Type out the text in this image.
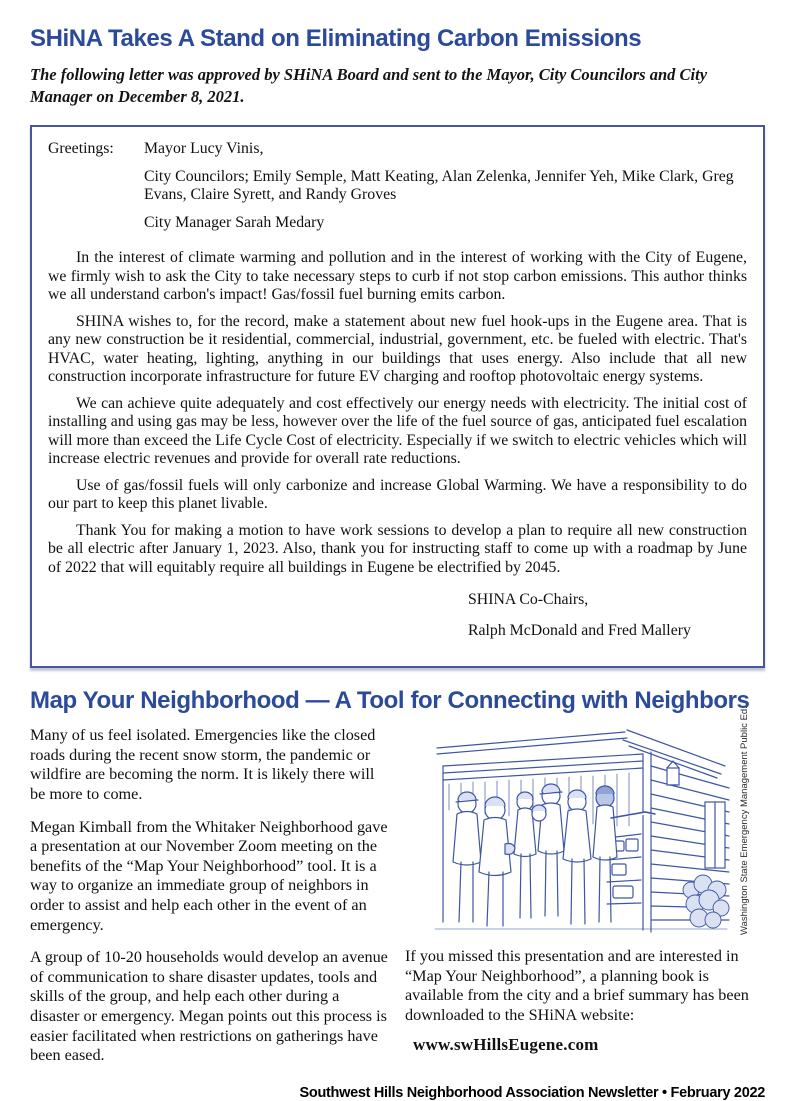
SHiNA Takes A Stand on Eliminating Carbon Emissions

The following letter was approved by SHiNA Board and sent to the Mayor, City Councilors and City Manager on December 8, 2021.

Greetings:	Mayor Lucy Vinis,
City Councilors; Emily Semple, Matt Keating, Alan Zelenka, Jennifer Yeh, Mike Clark, Greg Evans, Claire Syrett, and Randy Groves
City Manager Sarah Medary

In the interest of climate warming and pollution and in the interest of working with the City of Eugene, we firmly wish to ask the City to take necessary steps to curb if not stop carbon emissions. This author thinks we all understand carbon's impact! Gas/fossil fuel burning emits carbon.

SHINA wishes to, for the record, make a statement about new fuel hook-ups in the Eugene area. That is any new construction be it residential, commercial, industrial, government, etc. be fueled with electric. That's HVAC, water heating, lighting, anything in our buildings that uses energy. Also include that all new construction incorporate infrastructure for future EV charging and rooftop photovoltaic energy systems.

We can achieve quite adequately and cost effectively our energy needs with electricity. The initial cost of installing and using gas may be less, however over the life of the fuel source of gas, anticipated fuel escalation will more than exceed the Life Cycle Cost of electricity. Especially if we switch to electric vehicles which will increase electric revenues and provide for overall rate reductions.

Use of gas/fossil fuels will only carbonize and increase Global Warming. We have a responsibility to do our part to keep this planet livable.

Thank You for making a motion to have work sessions to develop a plan to require all new construction be all electric after January 1, 2023. Also, thank you for instructing staff to come up with a roadmap by June of 2022 that will equitably require all buildings in Eugene be electrified by 2045.

SHINA Co-Chairs,
Ralph McDonald and Fred Mallery
Map Your Neighborhood — A Tool for Connecting with Neighbors

Many of us feel isolated. Emergencies like the closed roads during the recent snow storm, the pandemic or wildfire are becoming the norm. It is likely there will be more to come.

Megan Kimball from the Whitaker Neighborhood gave a presentation at our November Zoom meeting on the benefits of the “Map Your Neighborhood” tool. It is a way to organize an immediate group of neighbors in order to assist and help each other in the event of an emergency.

A group of 10-20 households would develop an avenue of communication to share disaster updates, tools and skills of the group, and help each other during a disaster or emergency. Megan points out this process is easier facilitated when restrictions on gatherings have been eased.

Washington State Emergency Management Public Ed.

If you missed this presentation and are interested in “Map Your Neighborhood”, a planning book is available from the city and a brief summary has been downloaded to the SHiNA website:

www.swHillsEugene.com
Southwest Hills Neighborhood Association Newsletter • February 2022
